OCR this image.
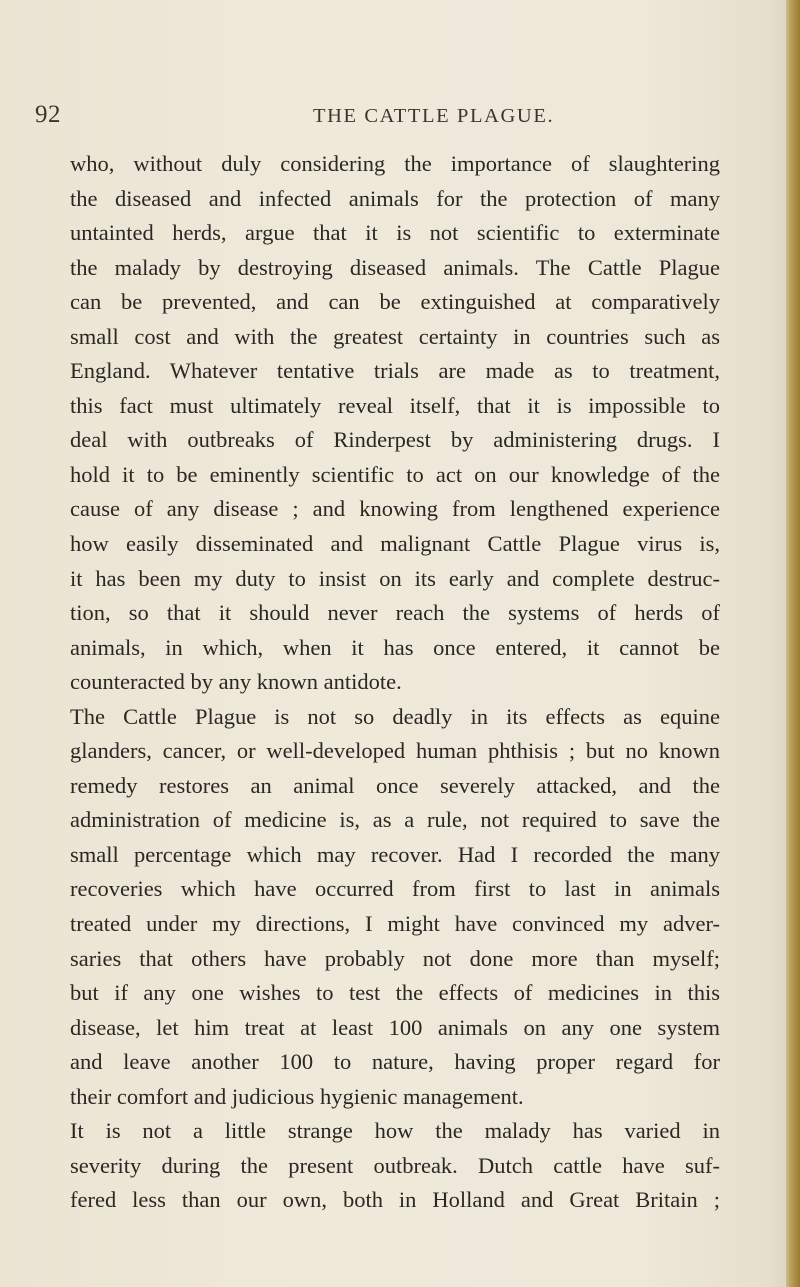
92	THE CATTLE PLAGUE.
who, without duly considering the importance of slaughtering
the diseased and infected animals for the protection of many
untainted herds, argue that it is not scientific to exterminate
the malady by destroying diseased animals. The Cattle Plague
can be prevented, and can be extinguished at comparatively
small cost and with the greatest certainty in countries such as
England. Whatever tentative trials are made as to treatment,
this fact must ultimately reveal itself, that it is impossible to
deal with outbreaks of Rinderpest by administering drugs. I
hold it to be eminently scientific to act on our knowledge of the
cause of any disease ; and knowing from lengthened experience
how easily disseminated and malignant Cattle Plague virus is,
it has been my duty to insist on its early and complete destruc-
tion, so that it should never reach the systems of herds of
animals, in which, when it has once entered, it cannot be
counteracted by any known antidote.
The Cattle Plague is not so deadly in its effects as equine
glanders, cancer, or well-developed human phthisis ; but no known
remedy restores an animal once severely attacked, and the
administration of medicine is, as a rule, not required to save the
small percentage which may recover. Had I recorded the many
recoveries which have occurred from first to last in animals
treated under my directions, I might have convinced my adver-
saries that others have probably not done more than myself;
but if any one wishes to test the effects of medicines in this
disease, let him treat at least 100 animals on any one system
and leave another 100 to nature, having proper regard for
their comfort and judicious hygienic management.
It is not a little strange how the malady has varied in
severity during the present outbreak. Dutch cattle have suf-
fered less than our own, both in Holland and Great Britain ;
